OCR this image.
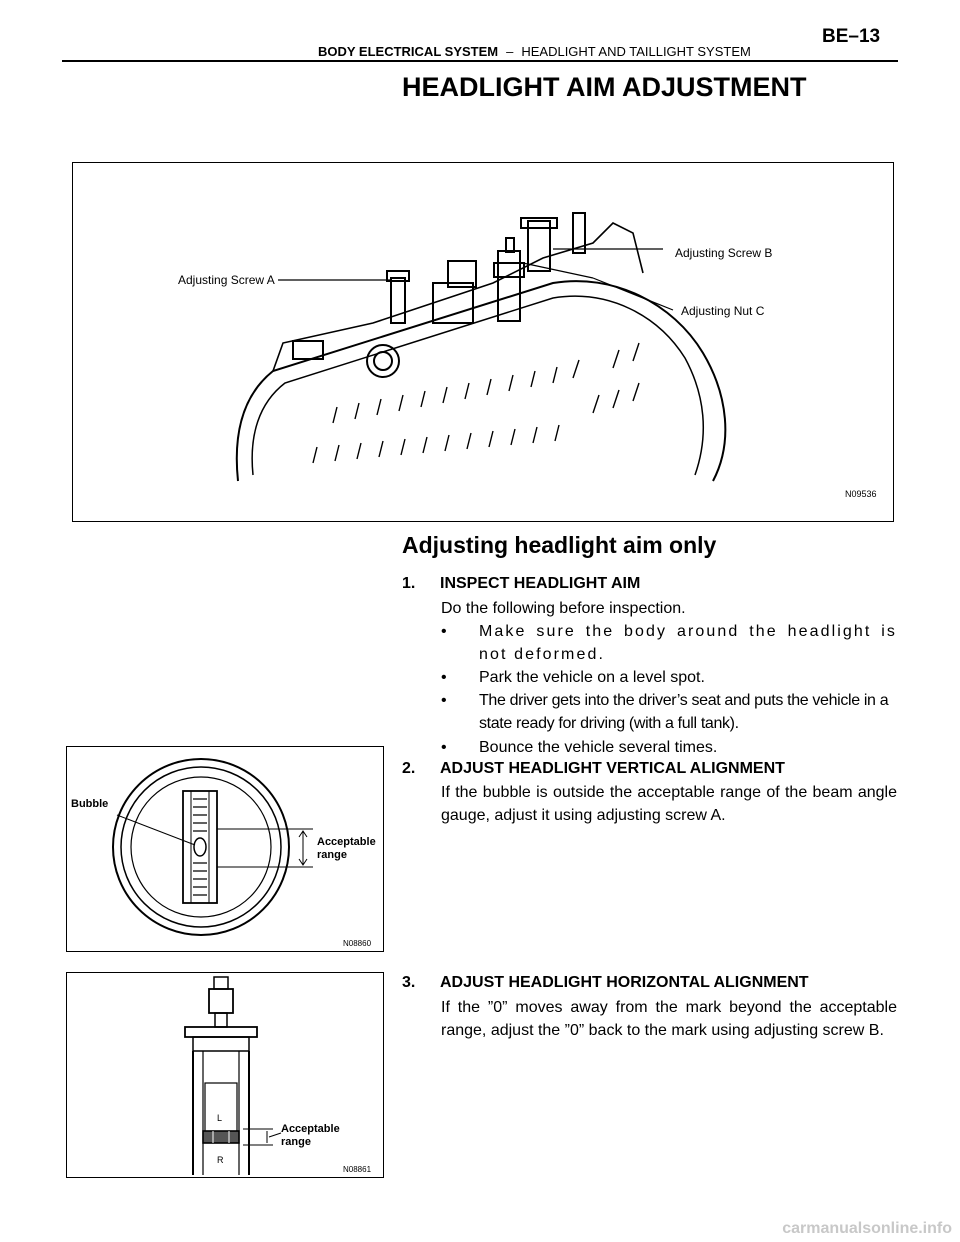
BODY ELECTRICAL SYSTEM – HEADLIGHT AND TAILLIGHT SYSTEM
BE–13
HEADLIGHT AIM ADJUSTMENT
Adjusting Screw A
Adjusting Screw B
Adjusting Nut C
N09536
Adjusting headlight aim only
1. INSPECT HEADLIGHT AIM
Do the following before inspection.
• Make sure the body around the headlight is not deformed.
• Park the vehicle on a level spot.
• The driver gets into the driver’s seat and puts the vehicle in a state ready for driving (with a full tank).
• Bounce the vehicle several times.
2. ADJUST HEADLIGHT VERTICAL ALIGNMENT
If the bubble is outside the acceptable range of the beam angle gauge, adjust it using adjusting screw A.
Bubble
Acceptable
range
N08860
3. ADJUST HEADLIGHT HORIZONTAL ALIGNMENT
If the ”0” moves away from the mark beyond the acceptable range, adjust the ”0” back to the mark using adjusting screw B.
L
R
Acceptable
range
N08861
carmanualsonline.info
